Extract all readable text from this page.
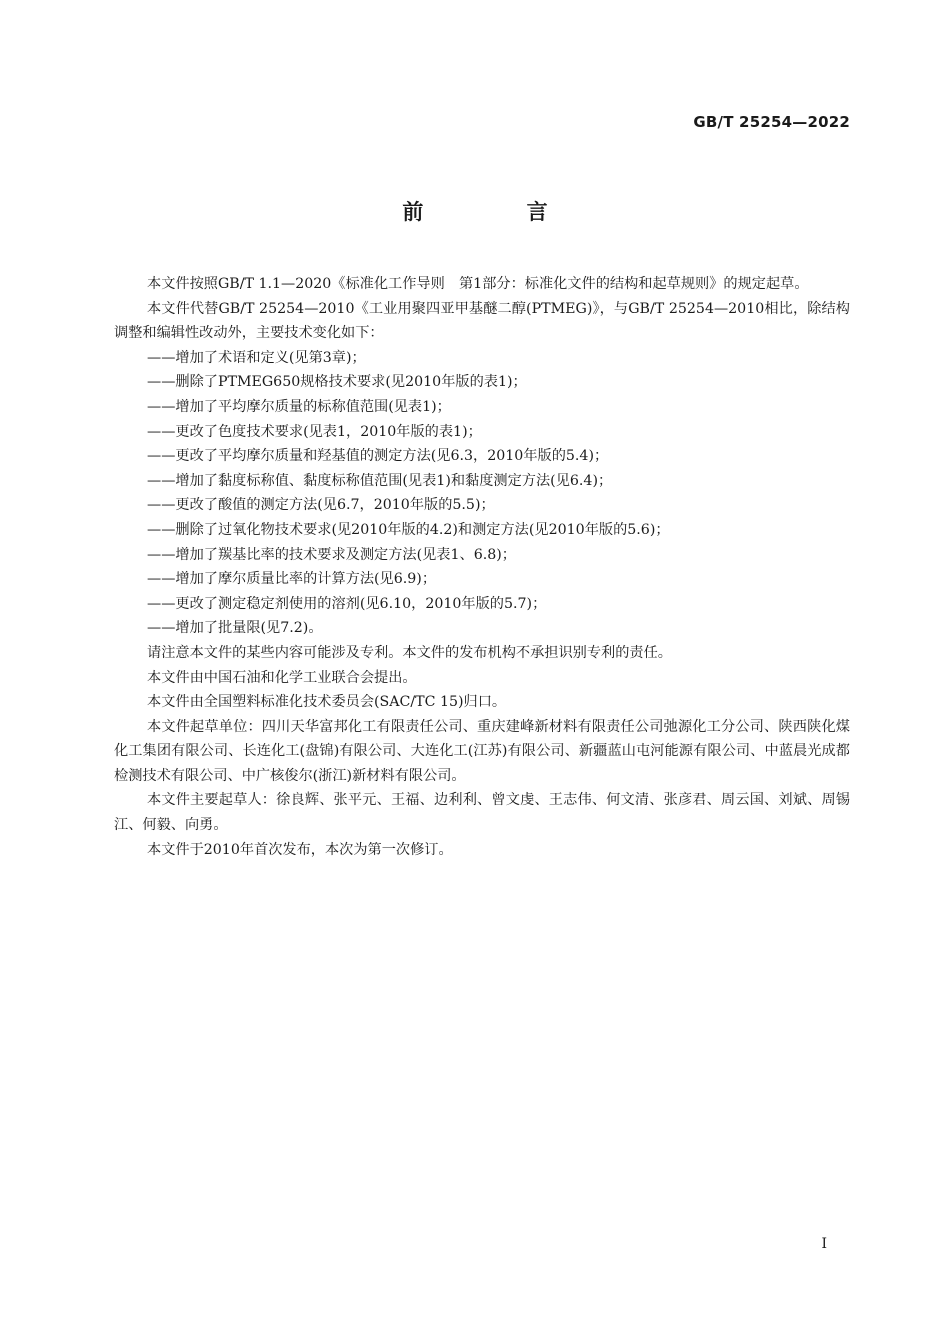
GB/T 25254—2022
前 言

本文件按照GB/T 1.1—2020《标准化工作导则　第1部分：标准化文件的结构和起草规则》的规定起草。

本文件代替GB/T 25254—2010《工业用聚四亚甲基醚二醇(PTMEG)》，与GB/T 25254—2010相比，除结构调整和编辑性改动外，主要技术变化如下：

——增加了术语和定义(见第3章)；

——删除了PTMEG650规格技术要求(见2010年版的表1)；

——增加了平均摩尔质量的标称值范围(见表1)；

——更改了色度技术要求(见表1，2010年版的表1)；

——更改了平均摩尔质量和羟基值的测定方法(见6.3，2010年版的5.4)；

——增加了黏度标称值、黏度标称值范围(见表1)和黏度测定方法(见6.4)；

——更改了酸值的测定方法(见6.7，2010年版的5.5)；

——删除了过氧化物技术要求(见2010年版的4.2)和测定方法(见2010年版的5.6)；

——增加了羰基比率的技术要求及测定方法(见表1、6.8)；

——增加了摩尔质量比率的计算方法(见6.9)；

——更改了测定稳定剂使用的溶剂(见6.10，2010年版的5.7)；

——增加了批量限(见7.2)。

请注意本文件的某些内容可能涉及专利。本文件的发布机构不承担识别专利的责任。

本文件由中国石油和化学工业联合会提出。

本文件由全国塑料标准化技术委员会(SAC/TC 15)归口。

本文件起草单位：四川天华富邦化工有限责任公司、重庆建峰新材料有限责任公司弛源化工分公司、陕西陕化煤化工集团有限公司、长连化工(盘锦)有限公司、大连化工(江苏)有限公司、新疆蓝山屯河能源有限公司、中蓝晨光成都检测技术有限公司、中广核俊尔(浙江)新材料有限公司。

本文件主要起草人：徐良辉、张平元、王福、边利利、曾文虔、王志伟、何文清、张彦君、周云国、刘斌、周锡江、何毅、向勇。

本文件于2010年首次发布，本次为第一次修订。

I
